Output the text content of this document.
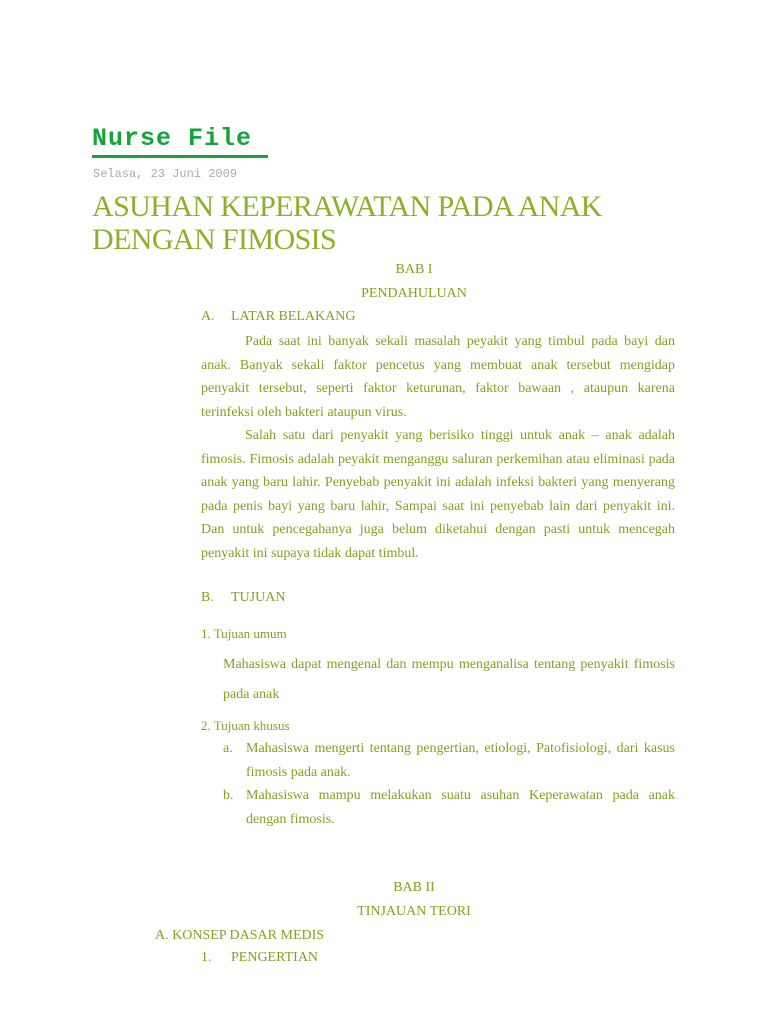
Nurse File

Selasa, 23 Juni 2009

ASUHAN KEPERAWATAN PADA ANAK DENGAN FIMOSIS

BAB I

PENDAHULUAN

A. LATAR BELAKANG

Pada saat ini banyak sekali masalah peyakit yang timbul pada bayi dan anak. Banyak sekali faktor pencetus yang membuat anak tersebut mengidap penyakit tersebut, seperti faktor keturunan, faktor bawaan , ataupun karena terinfeksi oleh bakteri ataupun virus.

Salah satu dari penyakit yang berisiko tinggi untuk anak – anak adalah fimosis. Fimosis adalah peyakit menganggu saluran perkemihan atau eliminasi pada anak yang baru lahir. Penyebab penyakit ini adalah infeksi bakteri yang menyerang pada penis bayi yang baru lahir, Sampai saat ini penyebab lain dari penyakit ini. Dan untuk pencegahanya juga belum diketahui dengan pasti untuk mencegah penyakit ini supaya tidak dapat timbul.

B. TUJUAN

1. Tujuan umum

Mahasiswa dapat mengenal dan mempu menganalisa tentang penyakit fimosis pada anak

2. Tujuan khusus

a. Mahasiswa mengerti tentang pengertian, etiologi, Patofisiologi, dari kasus fimosis pada anak.
b. Mahasiswa mampu melakukan suatu asuhan Keperawatan pada anak dengan fimosis.

BAB II

TINJAUAN TEORI

A. KONSEP DASAR MEDIS

1. PENGERTIAN
